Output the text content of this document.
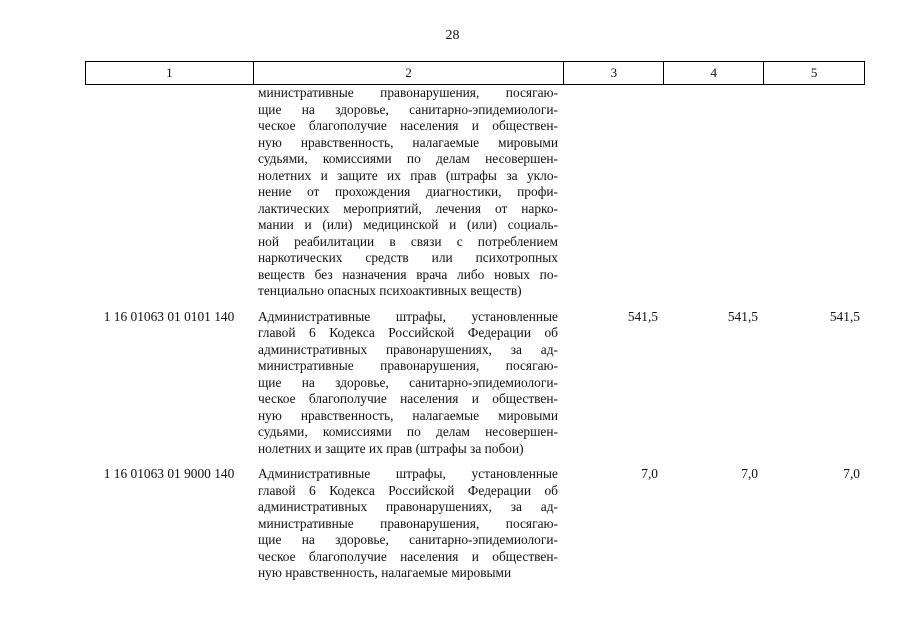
28
1	2	3	4	5
министративные правонарушения, посягаю-
щие на здоровье, санитарно-эпидемиологи-
ческое благополучие населения и обществен-
ную нравственность, налагаемые мировыми
судьями, комиссиями по делам несовершен-
нолетних и защите их прав (штрафы за укло-
нение от прохождения диагностики, профи-
лактических мероприятий, лечения от нарко-
мании и (или) медицинской и (или) социаль-
ной реабилитации в связи с потреблением
наркотических средств или психотропных
веществ без назначения врача либо новых по-
тенциально опасных психоактивных веществ)
1 16 01063 01 0101 140	Административные штрафы, установленные
главой 6 Кодекса Российской Федерации об
административных правонарушениях, за ад-
министративные правонарушения, посягаю-
щие на здоровье, санитарно-эпидемиологи-
ческое благополучие населения и обществен-
ную нравственность, налагаемые мировыми
судьями, комиссиями по делам несовершен-
нолетних и защите их прав (штрафы за побои)
541,5	541,5	541,5
1 16 01063 01 9000 140	Административные штрафы, установленные
главой 6 Кодекса Российской Федерации об
административных правонарушениях, за ад-
министративные правонарушения, посягаю-
щие на здоровье, санитарно-эпидемиологи-
ческое благополучие населения и обществен-
ную нравственность, налагаемые мировыми
7,0	7,0	7,0
